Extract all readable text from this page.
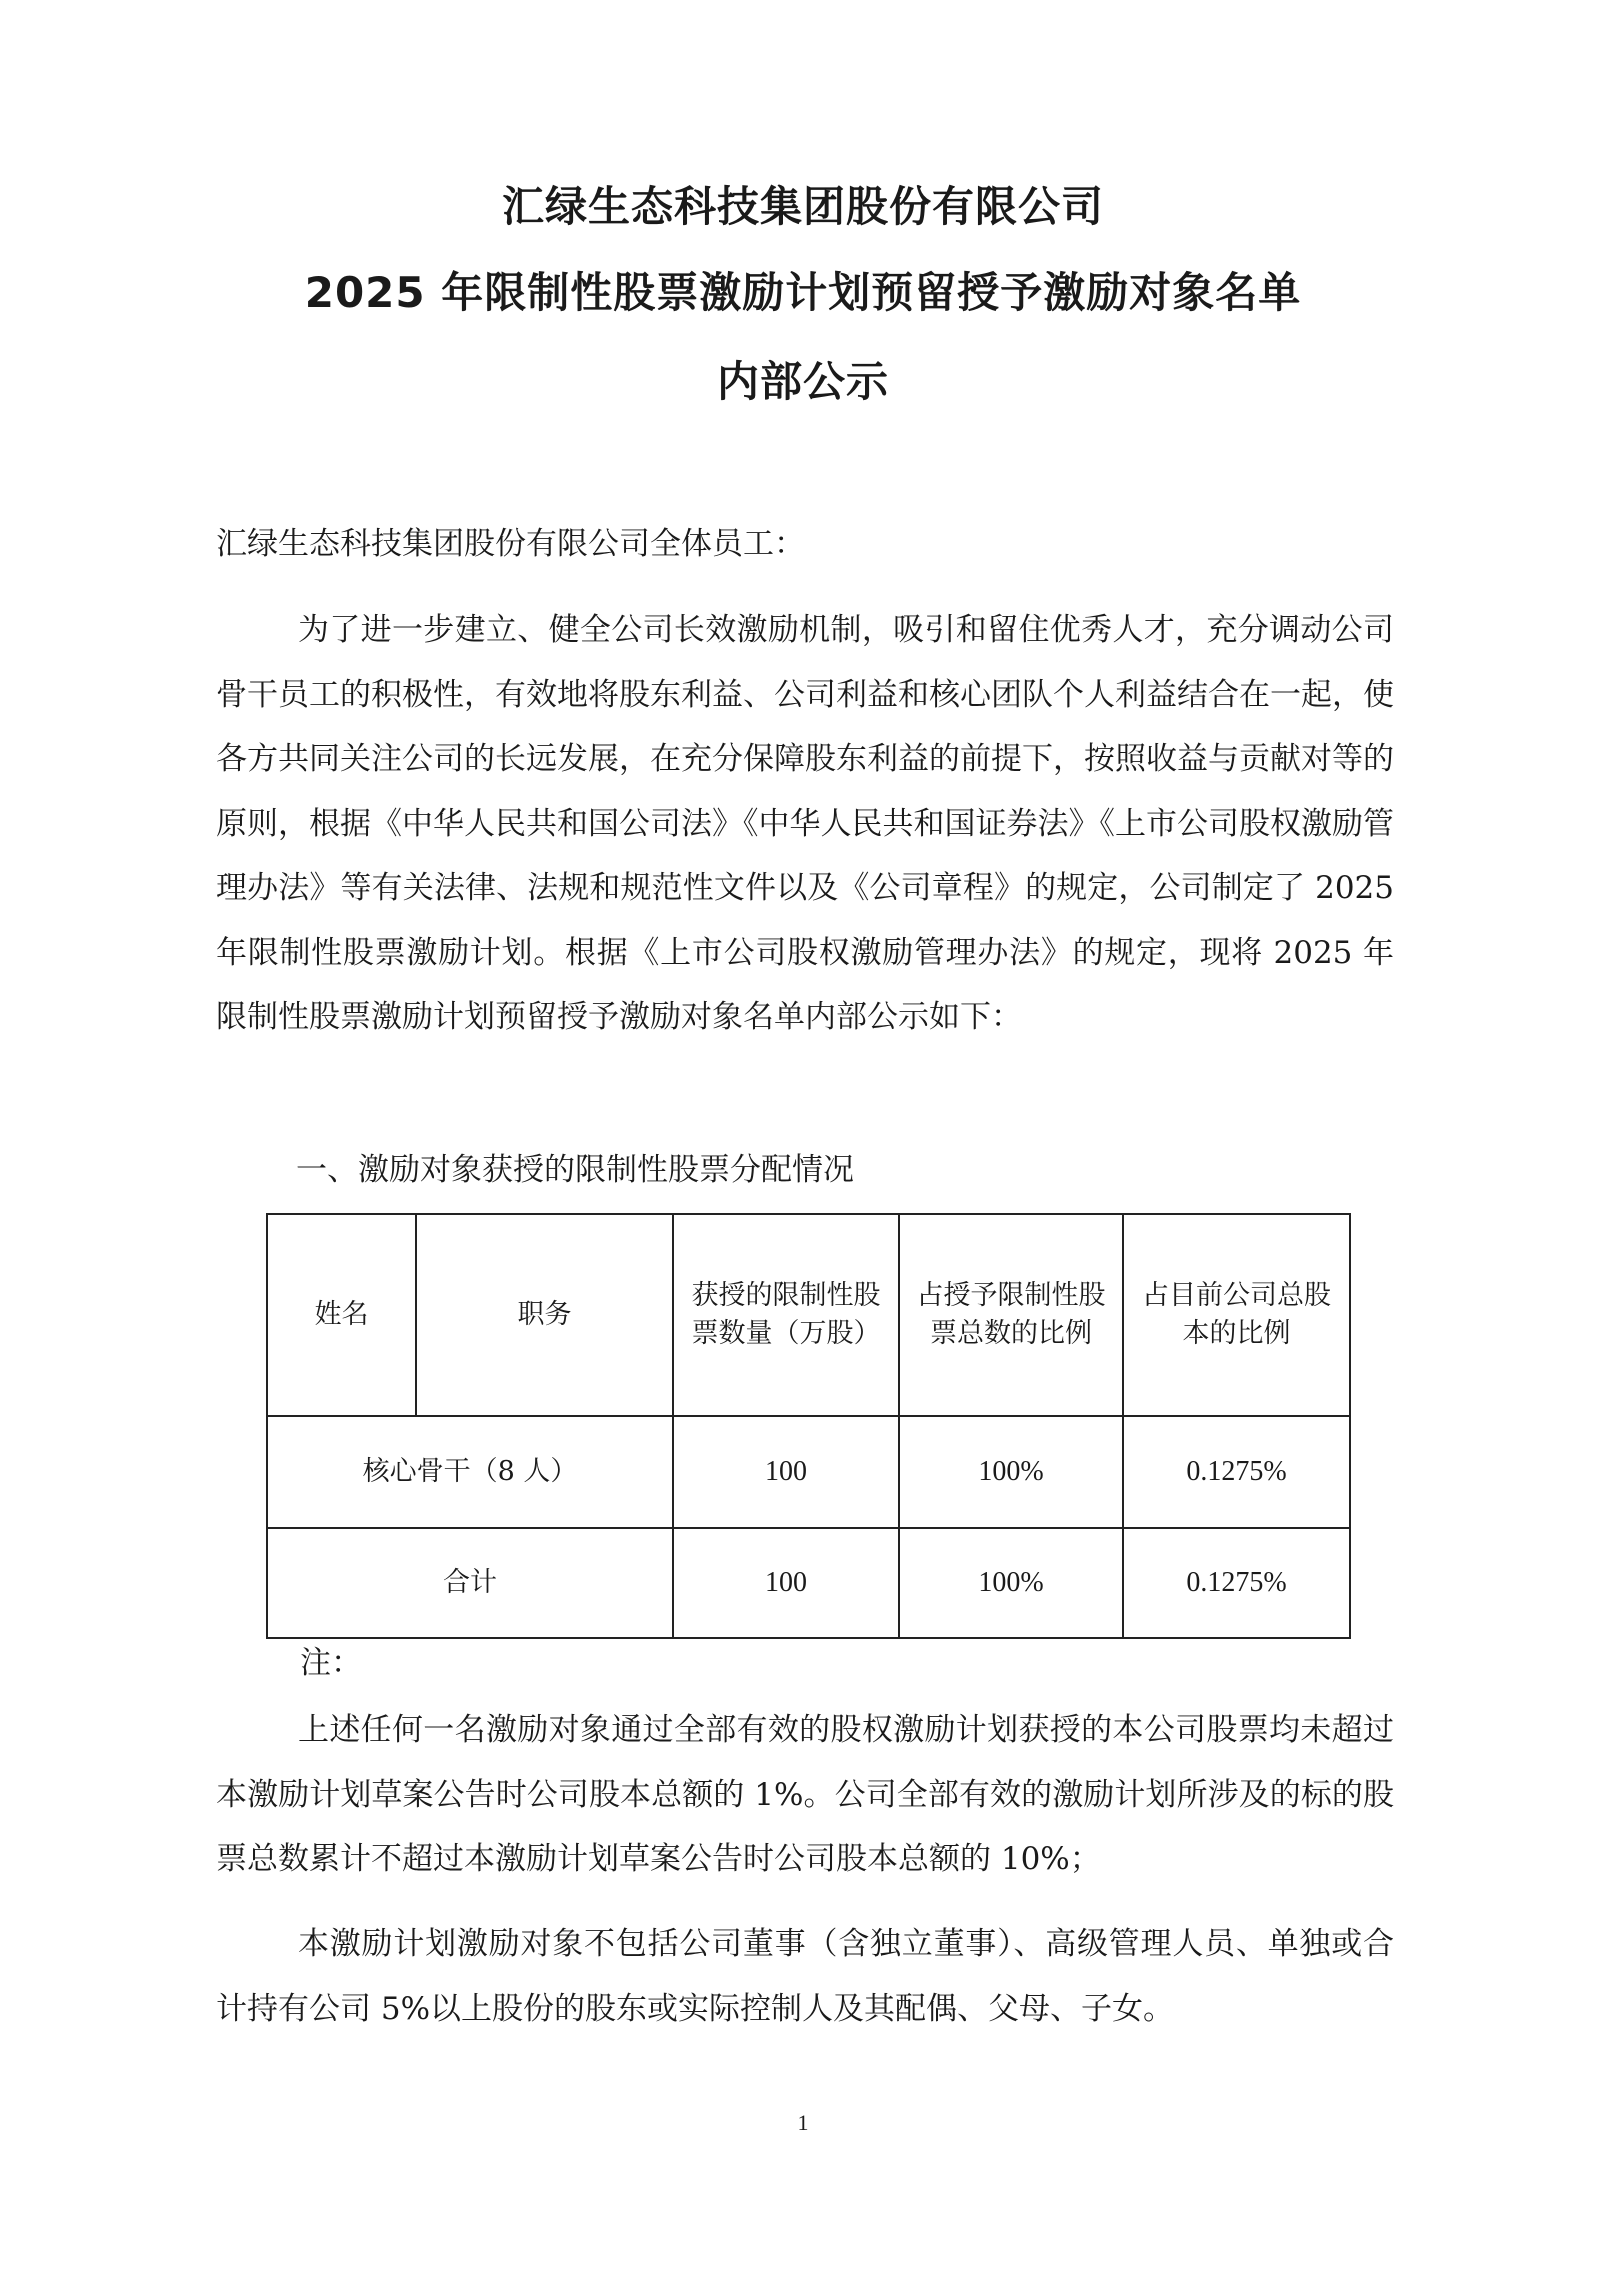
汇绿生态科技集团股份有限公司
2025 年限制性股票激励计划预留授予激励对象名单
内部公示

汇绿生态科技集团股份有限公司全体员工：

为了进一步建立、健全公司长效激励机制，吸引和留住优秀人才，充分调动公司骨干员工的积极性，有效地将股东利益、公司利益和核心团队个人利益结合在一起，使各方共同关注公司的长远发展，在充分保障股东利益的前提下，按照收益与贡献对等的原则，根据《中华人民共和国公司法》《中华人民共和国证券法》《上市公司股权激励管理办法》等有关法律、法规和规范性文件以及《公司章程》的规定，公司制定了 2025 年限制性股票激励计划。根据《上市公司股权激励管理办法》的规定，现将 2025 年限制性股票激励计划预留授予激励对象名单内部公示如下：

一、激励对象获授的限制性股票分配情况

姓名	职务	获授的限制性股票数量（万股）	占授予限制性股票总数的比例	占目前公司总股本的比例
核心骨干（8 人）		100	100%	0.1275%
合计		100	100%	0.1275%

注：

上述任何一名激励对象通过全部有效的股权激励计划获授的本公司股票均未超过本激励计划草案公告时公司股本总额的 1%。公司全部有效的激励计划所涉及的标的股票总数累计不超过本激励计划草案公告时公司股本总额的 10%；

本激励计划激励对象不包括公司董事（含独立董事）、高级管理人员、单独或合计持有公司 5%以上股份的股东或实际控制人及其配偶、父母、子女。

1
